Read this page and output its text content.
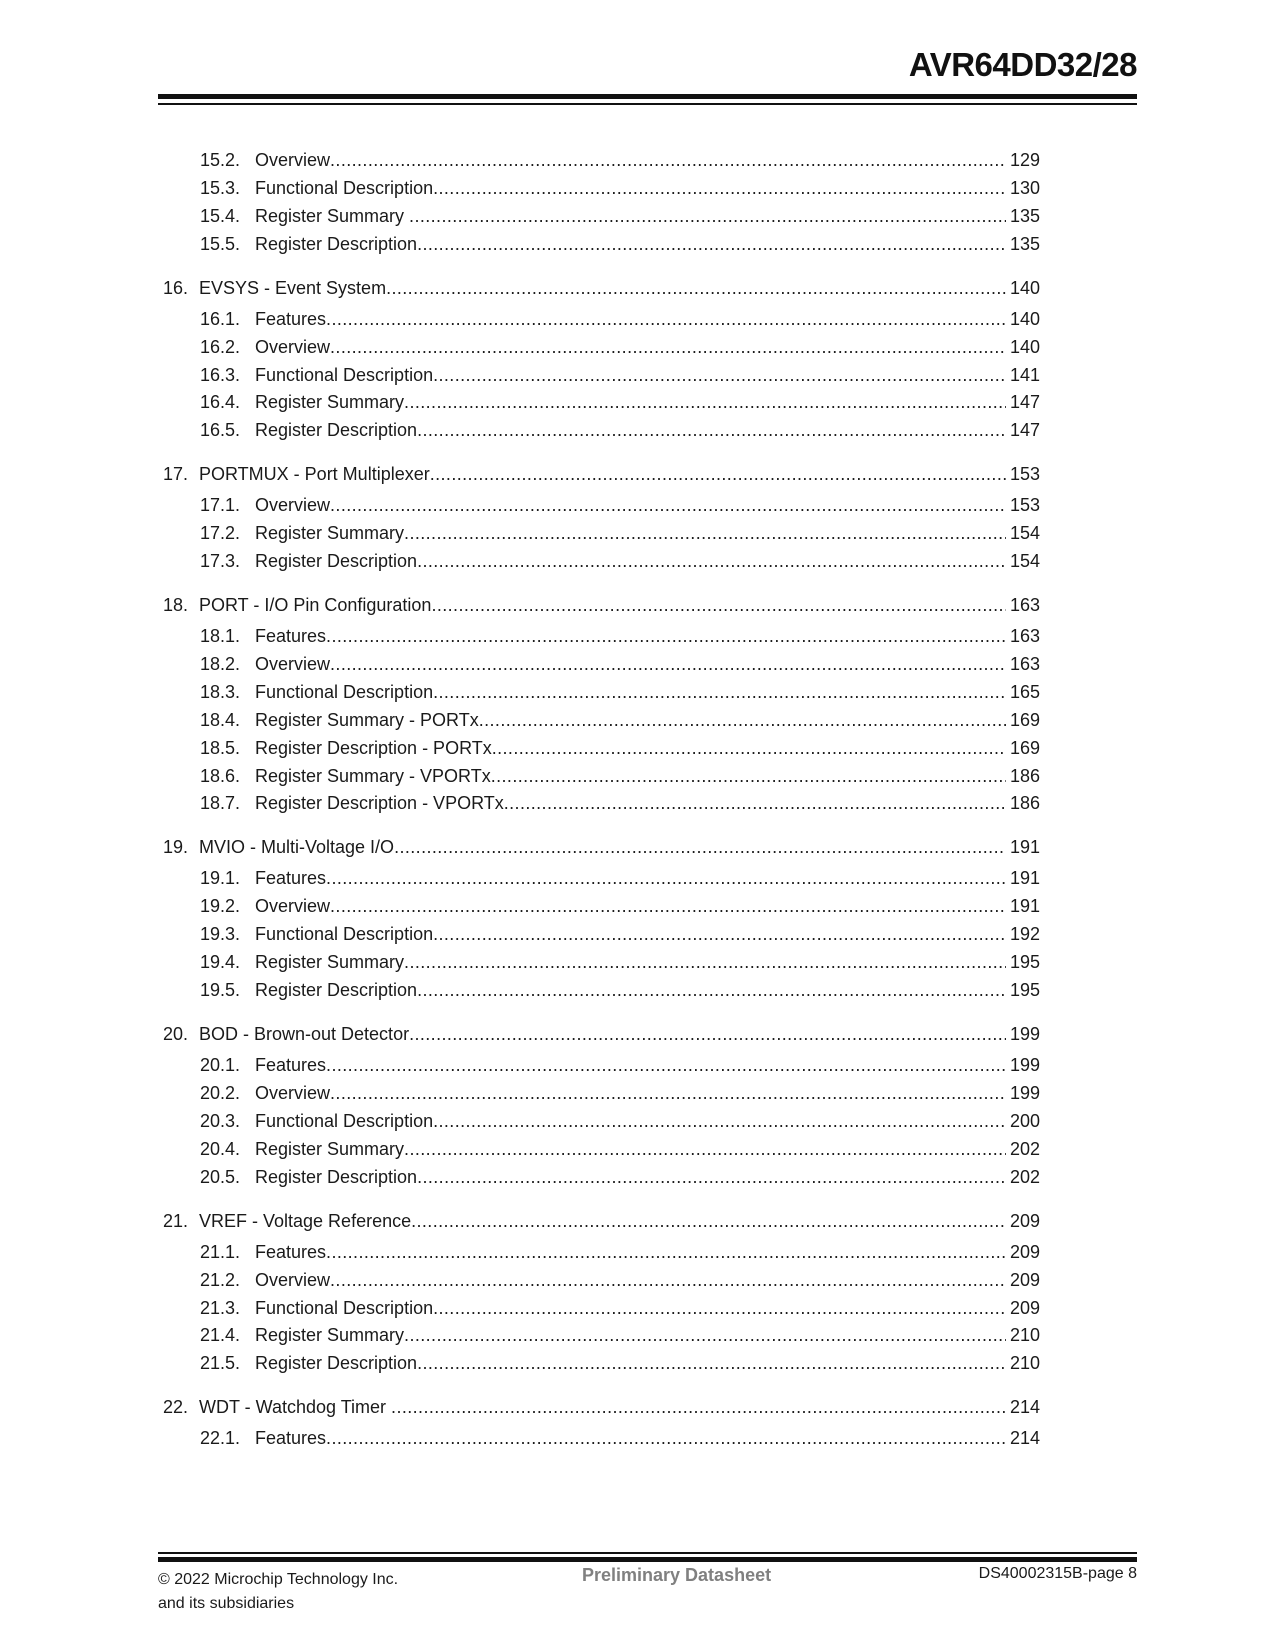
AVR64DD32/28
15.2. Overview .....	129
15.3. Functional Description .....	130
15.4. Register Summary .....	135
15.5. Register Description .....	135
16. EVSYS - Event System .....	140
16.1. Features .....	140
16.2. Overview .....	140
16.3. Functional Description .....	141
16.4. Register Summary .....	147
16.5. Register Description .....	147
17. PORTMUX - Port Multiplexer .....	153
17.1. Overview .....	153
17.2. Register Summary .....	154
17.3. Register Description .....	154
18. PORT - I/O Pin Configuration .....	163
18.1. Features .....	163
18.2. Overview .....	163
18.3. Functional Description .....	165
18.4. Register Summary - PORTx .....	169
18.5. Register Description - PORTx .....	169
18.6. Register Summary - VPORTx .....	186
18.7. Register Description - VPORTx .....	186
19. MVIO - Multi-Voltage I/O .....	191
19.1. Features .....	191
19.2. Overview .....	191
19.3. Functional Description .....	192
19.4. Register Summary .....	195
19.5. Register Description .....	195
20. BOD - Brown-out Detector .....	199
20.1. Features .....	199
20.2. Overview .....	199
20.3. Functional Description .....	200
20.4. Register Summary .....	202
20.5. Register Description .....	202
21. VREF - Voltage Reference .....	209
21.1. Features .....	209
21.2. Overview .....	209
21.3. Functional Description .....	209
21.4. Register Summary .....	210
21.5. Register Description .....	210
22. WDT - Watchdog Timer .....	214
22.1. Features .....	214
© 2022 Microchip Technology Inc.
and its subsidiaries
Preliminary Datasheet	DS40002315B-page 8
